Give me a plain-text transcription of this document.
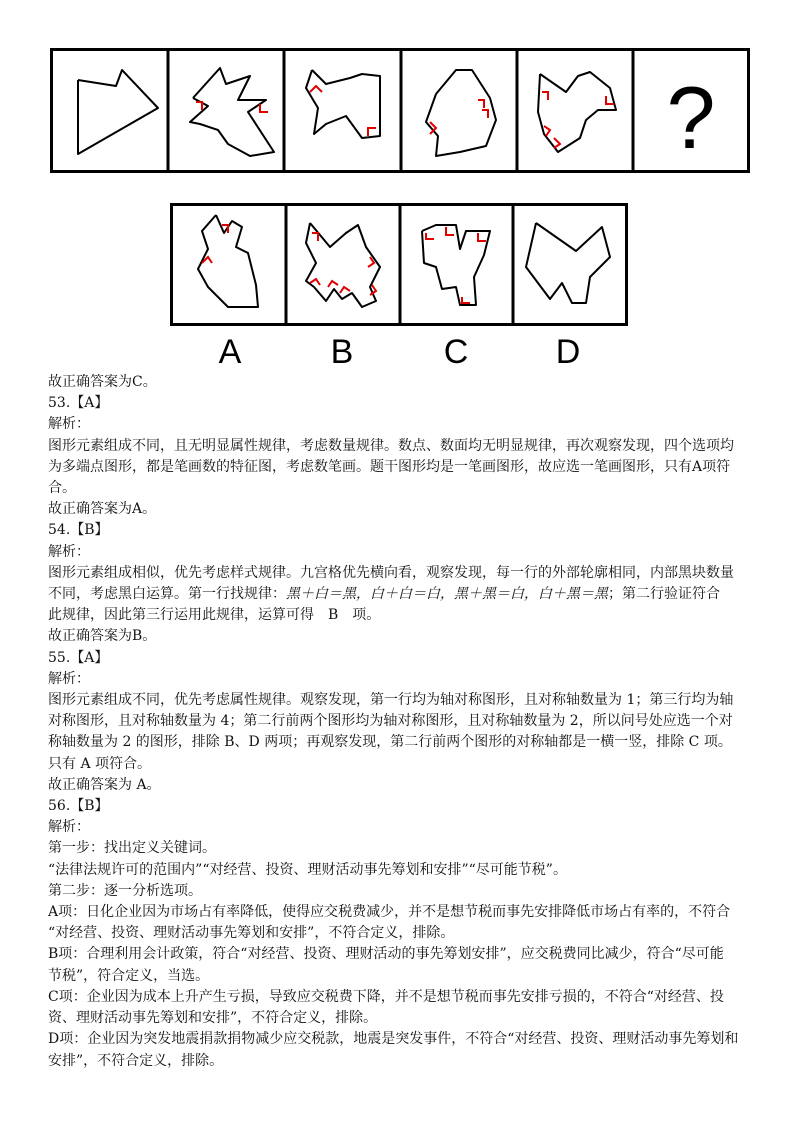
?
A	B	C	D

故正确答案为C。

53.【A】

解析：

图形元素组成不同，且无明显属性规律，考虑数量规律。数点、数面均无明显规律，再次观察发现，四个选项均

为多端点图形，都是笔画数的特征图，考虑数笔画。题干图形均是一笔画图形，故应选一笔画图形，只有A项符

合。

故正确答案为A。

54.【B】

解析：

图形元素组成相似，优先考虑样式规律。九宫格优先横向看，观察发现，每一行的外部轮廓相同，内部黑块数量

不同，考虑黑白运算。第一行找规律：黑＋白＝黑，白＋白＝白，黑＋黑＝白，白＋黑＝黑；第二行验证符合

此规律，因此第三行运用此规律，运算可得　B　项。

故正确答案为B。

55.【A】

解析：

图形元素组成不同，优先考虑属性规律。观察发现，第一行均为轴对称图形，且对称轴数量为 1；第三行均为轴

对称图形，且对称轴数量为 4；第二行前两个图形均为轴对称图形，且对称轴数量为 2，所以问号处应选一个对

称轴数量为 2 的图形，排除 B、D 两项；再观察发现，第二行前两个图形的对称轴都是一横一竖，排除 C 项。

只有 A 项符合。

故正确答案为 A。

56.【B】

解析：

第一步：找出定义关键词。

“法律法规许可的范围内”“对经营、投资、理财活动事先筹划和安排”“尽可能节税”。

第二步：逐一分析选项。

A项：日化企业因为市场占有率降低，使得应交税费减少，并不是想节税而事先安排降低市场占有率的，不符合

“对经营、投资、理财活动事先筹划和安排”，不符合定义，排除。

B项：合理利用会计政策，符合“对经营、投资、理财活动的事先筹划安排”，应交税费同比减少，符合“尽可能

节税”，符合定义，当选。

C项：企业因为成本上升产生亏损，导致应交税费下降，并不是想节税而事先安排亏损的，不符合“对经营、投

资、理财活动事先筹划和安排”，不符合定义，排除。

D项：企业因为突发地震捐款捐物减少应交税款，地震是突发事件，不符合“对经营、投资、理财活动事先筹划和

安排”，不符合定义，排除。
